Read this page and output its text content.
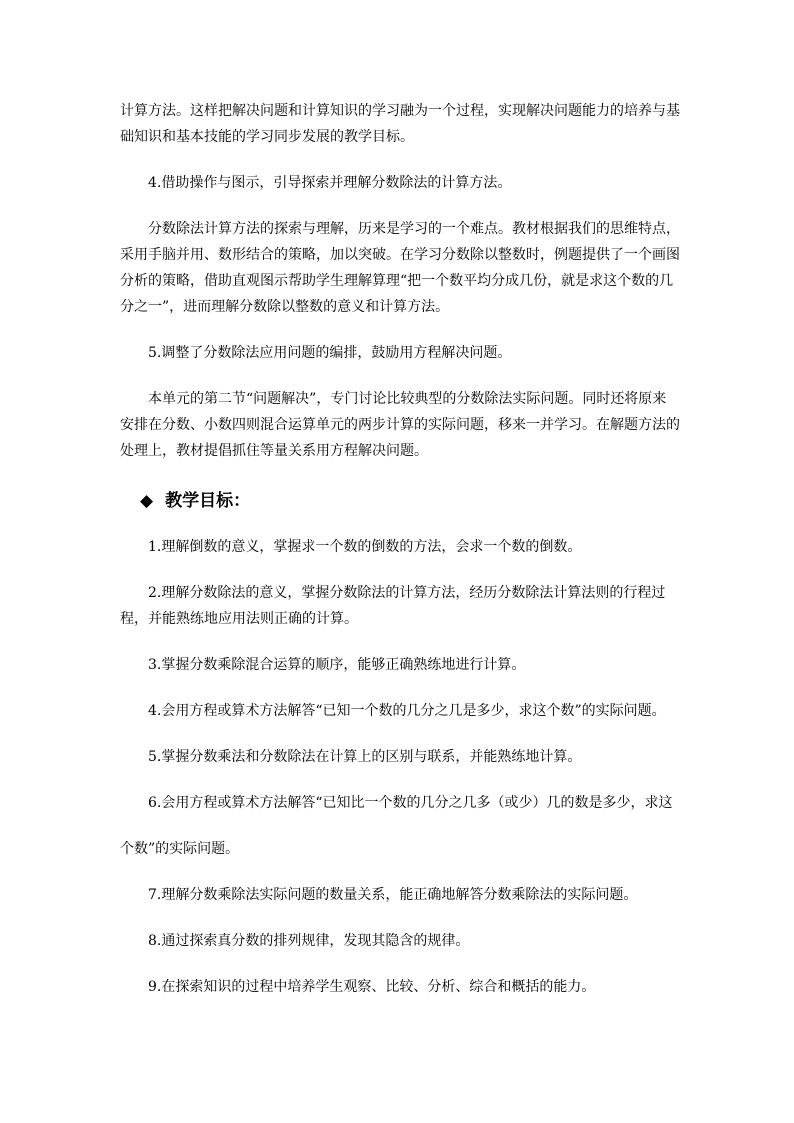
计算方法。这样把解决问题和计算知识的学习融为一个过程，实现解决问题能力的培养与基

础知识和基本技能的学习同步发展的教学目标。

4.借助操作与图示，引导探索并理解分数除法的计算方法。

分数除法计算方法的探索与理解，历来是学习的一个难点。教材根据我们的思维特点，采用手脑并用、数形结合的策略，加以突破。在学习分数除以整数时，例题提供了一个画图分析的策略，借助直观图示帮助学生理解算理“把一个数平均分成几份，就是求这个数的几分之一”，进而理解分数除以整数的意义和计算方法。

5.调整了分数除法应用问题的编排，鼓励用方程解决问题。

本单元的第二节“问题解决”，专门讨论比较典型的分数除法实际问题。同时还将原来安排在分数、小数四则混合运算单元的两步计算的实际问题，移来一并学习。在解题方法的处理上，教材提倡抓住等量关系用方程解决问题。

◆ 教学目标：

1.理解倒数的意义，掌握求一个数的倒数的方法，会求一个数的倒数。

2.理解分数除法的意义，掌握分数除法的计算方法，经历分数除法计算法则的行程过程，并能熟练地应用法则正确的计算。

3.掌握分数乘除混合运算的顺序，能够正确熟练地进行计算。

4.会用方程或算术方法解答“已知一个数的几分之几是多少，求这个数”的实际问题。

5.掌握分数乘法和分数除法在计算上的区别与联系，并能熟练地计算。

6.会用方程或算术方法解答“已知比一个数的几分之几多（或少）几的数是多少，求这

个数”的实际问题。

7.理解分数乘除法实际问题的数量关系，能正确地解答分数乘除法的实际问题。

8.通过探索真分数的排列规律，发现其隐含的规律。

9.在探索知识的过程中培养学生观察、比较、分析、综合和概括的能力。
